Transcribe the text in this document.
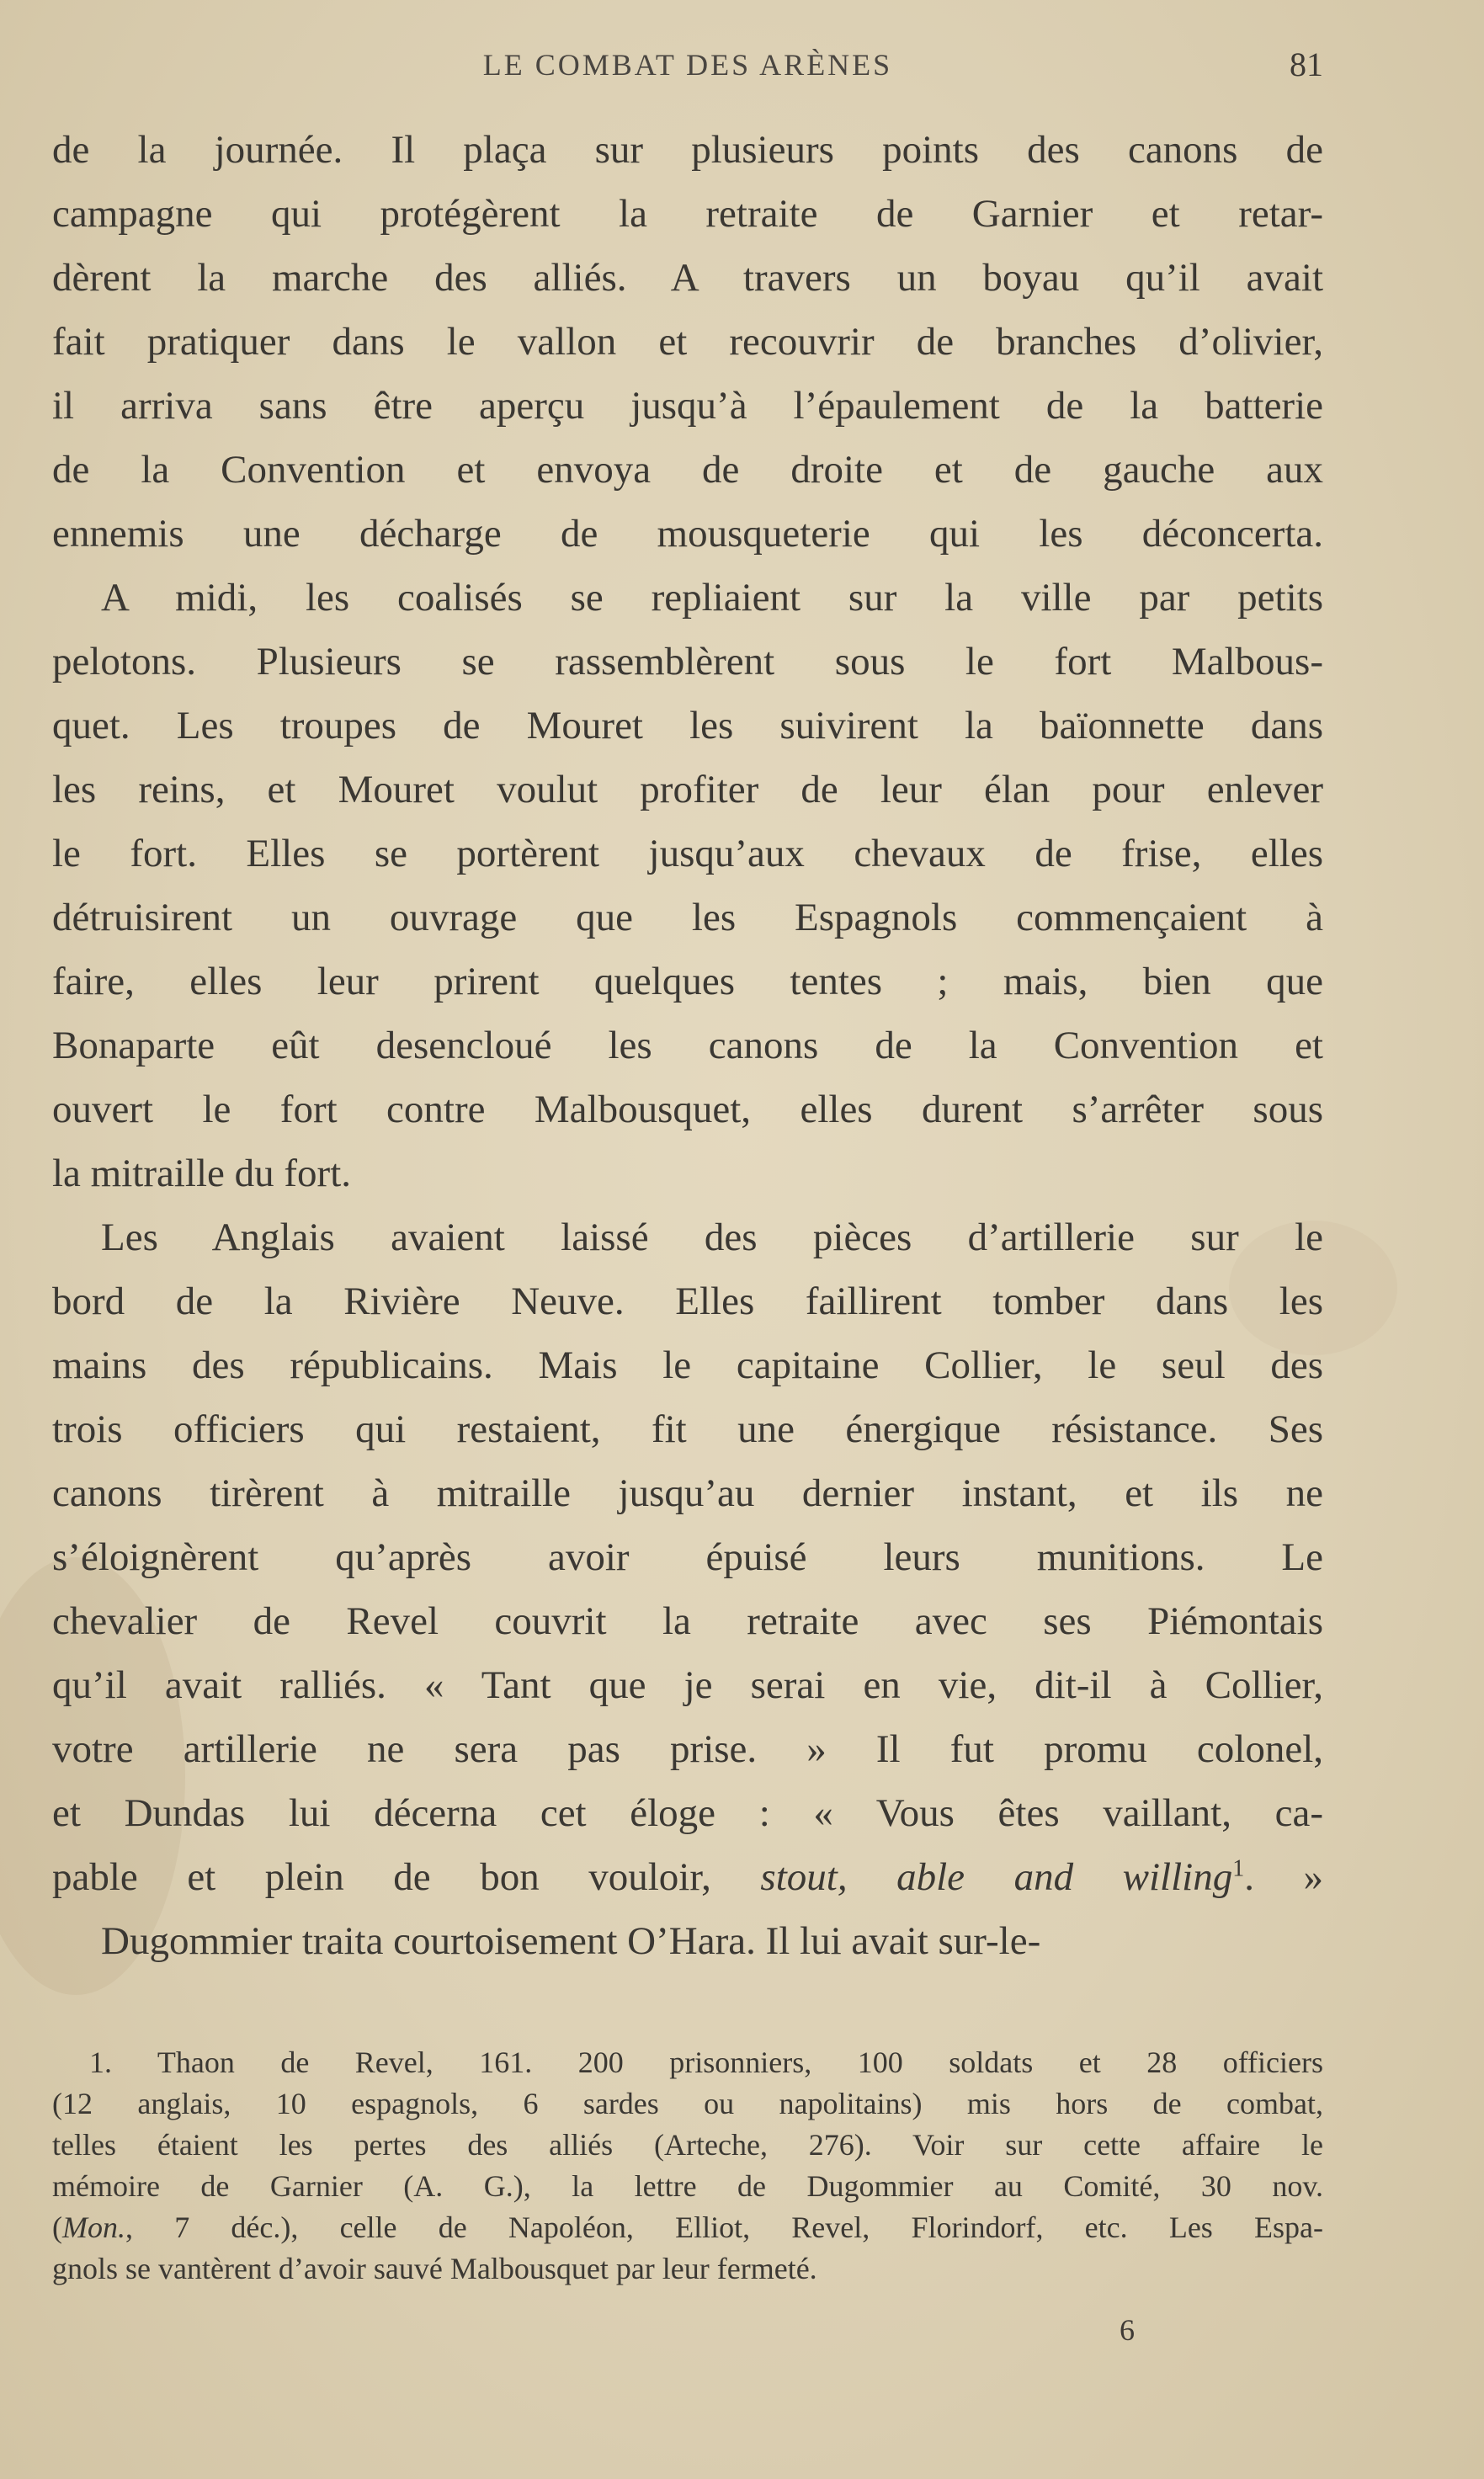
LE COMBAT DES ARÈNES	81
de la journée. Il plaça sur plusieurs points des canons de
campagne qui protégèrent la retraite de Garnier et retar-
dèrent la marche des alliés. A travers un boyau qu’il avait
fait pratiquer dans le vallon et recouvrir de branches d’olivier,
il arriva sans être aperçu jusqu’à l’épaulement de la batterie
de la Convention et envoya de droite et de gauche aux
ennemis une décharge de mousqueterie qui les déconcerta.
A midi, les coalisés se repliaient sur la ville par petits
pelotons. Plusieurs se rassemblèrent sous le fort Malbous-
quet. Les troupes de Mouret les suivirent la baïonnette dans
les reins, et Mouret voulut profiter de leur élan pour enlever
le fort. Elles se portèrent jusqu’aux chevaux de frise, elles
détruisirent un ouvrage que les Espagnols commençaient à
faire, elles leur prirent quelques tentes ; mais, bien que
Bonaparte eût desencloué les canons de la Convention et
ouvert le fort contre Malbousquet, elles durent s’arrêter sous
la mitraille du fort.
Les Anglais avaient laissé des pièces d’artillerie sur le
bord de la Rivière Neuve. Elles faillirent tomber dans les
mains des républicains. Mais le capitaine Collier, le seul des
trois officiers qui restaient, fit une énergique résistance. Ses
canons tirèrent à mitraille jusqu’au dernier instant, et ils ne
s’éloignèrent qu’après avoir épuisé leurs munitions. Le
chevalier de Revel couvrit la retraite avec ses Piémontais
qu’il avait ralliés. « Tant que je serai en vie, dit-il à Collier,
votre artillerie ne sera pas prise. » Il fut promu colonel,
et Dundas lui décerna cet éloge : « Vous êtes vaillant, ca-
pable et plein de bon vouloir, stout, able and willing$^1$. »
Dugommier traita courtoisement O’Hara. Il lui avait sur-le-
1. Thaon de Revel, 161. 200 prisonniers, 100 soldats et 28 officiers
(12 anglais, 10 espagnols, 6 sardes ou napolitains) mis hors de combat,
telles étaient les pertes des alliés (Arteche, 276). Voir sur cette affaire le
mémoire de Garnier (A. G.), la lettre de Dugommier au Comité, 30 nov.
(Mon., 7 déc.), celle de Napoléon, Elliot, Revel, Florindorf, etc. Les Espa-
gnols se vantèrent d’avoir sauvé Malbousquet par leur fermeté.
6
